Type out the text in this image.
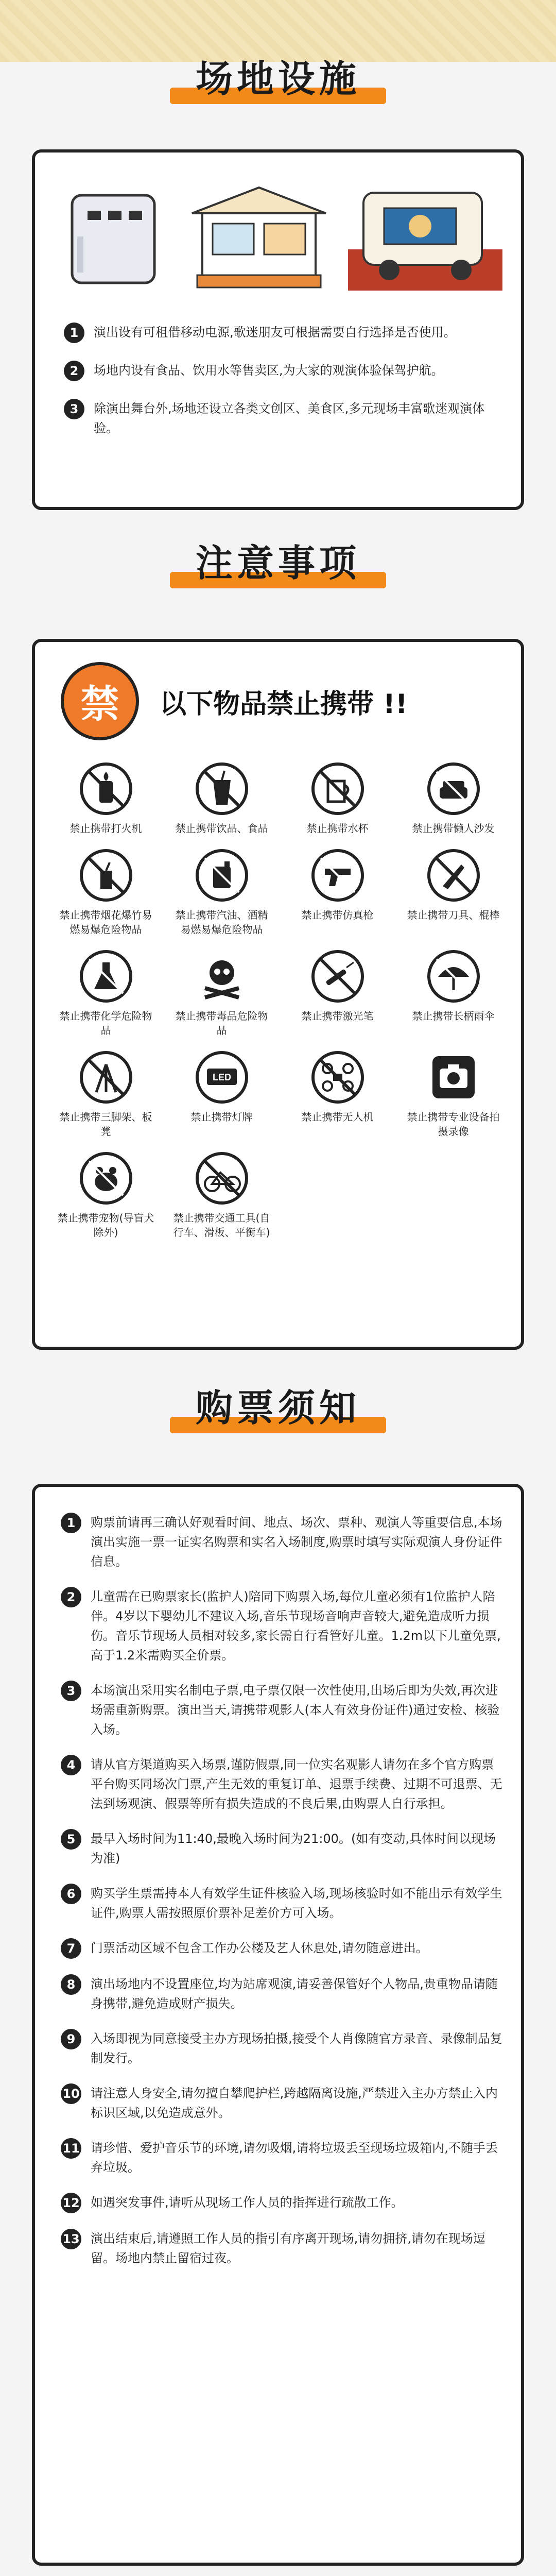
场地设施
1	演出设有可租借移动电源,歌迷朋友可根据需要自行选择是否使用。
2	场地内设有食品、饮用水等售卖区,为大家的观演体验保驾护航。
3	除演出舞台外,场地还设立各类文创区、美食区,多元现场丰富歌迷观演体验。
注意事项
禁	以下物品禁止携带 !!
禁止携带打火机	禁止携带饮品、食品	禁止携带水杯	禁止携带懒人沙发
禁止携带烟花爆竹易燃易爆危险物品
禁止携带汽油、酒精易燃易爆危险物品
禁止携带仿真枪	禁止携带刀具、棍棒
禁止携带化学危险物品
禁止携带毒品危险物品
禁止携带激光笔	禁止携带长柄雨伞
禁止携带三脚架、板凳
LED
禁止携带灯牌	禁止携带无人机	禁止携带专业设备拍摄录像
禁止携带宠物(导盲犬除外)
禁止携带交通工具(自行车、滑板、平衡车)
购票须知
1	购票前请再三确认好观看时间、地点、场次、票种、观演人等重要信息,本场演出实施一票一证实名购票和实名入场制度,购票时填写实际观演人身份证件信息。
2	儿童需在已购票家长(监护人)陪同下购票入场,每位儿童必须有1位监护人陪伴。4岁以下婴幼儿不建议入场,音乐节现场音响声音较大,避免造成听力损伤。音乐节现场人员相对较多,家长需自行看管好儿童。1.2m以下儿童免票,高于1.2米需购买全价票。
3	本场演出采用实名制电子票,电子票仅限一次性使用,出场后即为失效,再次进场需重新购票。演出当天,请携带观影人(本人有效身份证件)通过安检、核验入场。
4	请从官方渠道购买入场票,谨防假票,同一位实名观影人请勿在多个官方购票平台购买同场次门票,产生无效的重复订单、退票手续费、过期不可退票、无法到场观演、假票等所有损失造成的不良后果,由购票人自行承担。
5	最早入场时间为11:40,最晚入场时间为21:00。(如有变动,具体时间以现场为准)
6	购买学生票需持本人有效学生证件核验入场,现场核验时如不能出示有效学生证件,购票人需按照原价票补足差价方可入场。
7	门票活动区域不包含工作办公楼及艺人休息处,请勿随意进出。
8	演出场地内不设置座位,均为站席观演,请妥善保管好个人物品,贵重物品请随身携带,避免造成财产损失。
9	入场即视为同意接受主办方现场拍摄,接受个人肖像随官方录音、录像制品复制发行。
10 请注意人身安全,请勿擅自攀爬护栏,跨越隔离设施,严禁进入主办方禁止入内标识区域,以免造成意外。
11 请珍惜、爱护音乐节的环境,请勿吸烟,请将垃圾丢至现场垃圾箱内,不随手丢弃垃圾。
12 如遇突发事件,请听从现场工作人员的指挥进行疏散工作。
13 演出结束后,请遵照工作人员的指引有序离开现场,请勿拥挤,请勿在现场逗留。场地内禁止留宿过夜。
